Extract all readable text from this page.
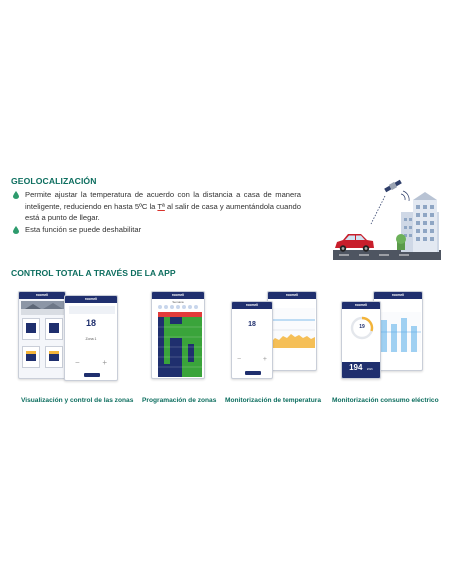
GEOLOCALIZACIÓN
Permite ajustar la temperatura de acuerdo con la distancia a casa de manera inteligente, reduciendo en hasta 5ºC la Tª al salir de casa y aumentándola cuando está a punto de llegar.
Esta función se puede deshabilitar
CONTROL TOTAL A TRAVÉS DE LA APP
roomeli
roomeli
18
Zona 1
−	+
Visualización y control de las zonas
roomeli
Semana
Programación de zonas
roomeli
roomeli
18
−	+
Monitorización de temperatura
roomeli
roomeli
19
194 kWh
Monitorización consumo eléctrico
